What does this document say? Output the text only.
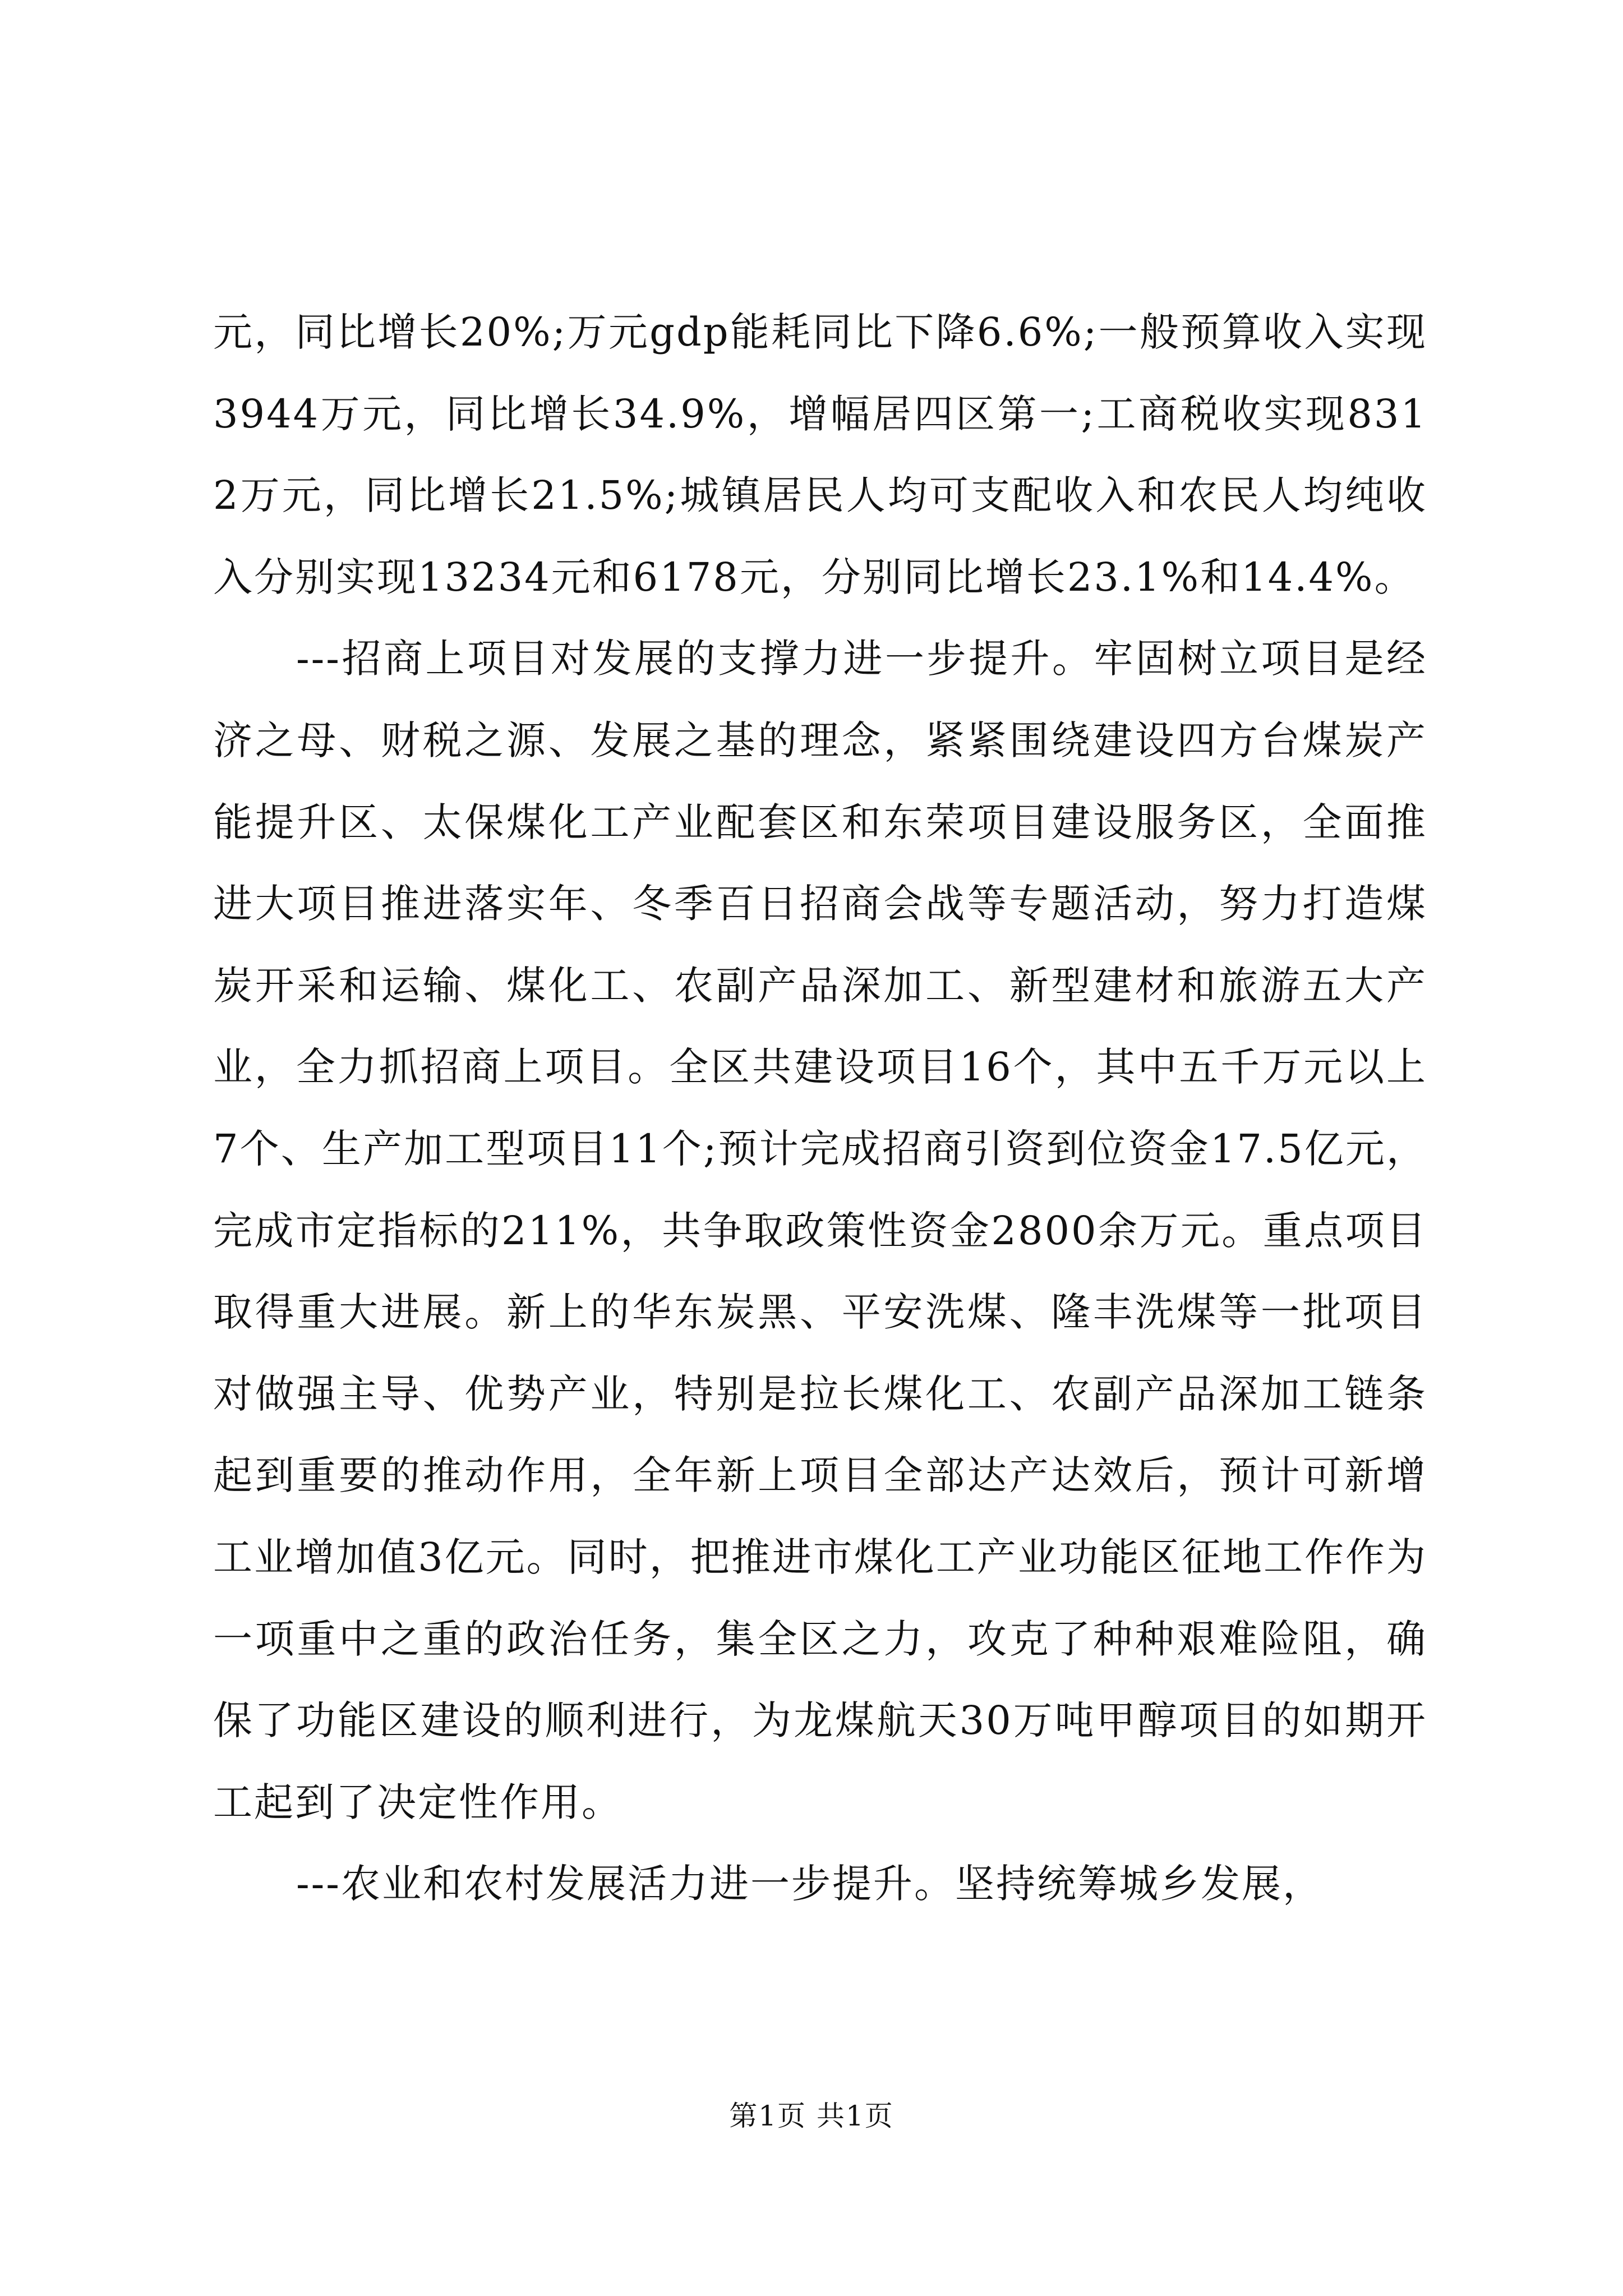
元，同比增长20%;万元gdp能耗同比下降6.6%;一般预算收入实现3944万元，同比增长34.9%，增幅居四区第一;工商税收实现8312万元，同比增长21.5%;城镇居民人均可支配收入和农民人均纯收入分别实现13234元和6178元，分别同比增长23.1%和14.4%。

---招商上项目对发展的支撑力进一步提升。牢固树立项目是经济之母、财税之源、发展之基的理念，紧紧围绕建设四方台煤炭产能提升区、太保煤化工产业配套区和东荣项目建设服务区，全面推进大项目推进落实年、冬季百日招商会战等专题活动，努力打造煤炭开采和运输、煤化工、农副产品深加工、新型建材和旅游五大产业，全力抓招商上项目。全区共建设项目16个，其中五千万元以上7个、生产加工型项目11个;预计完成招商引资到位资金17.5亿元，完成市定指标的211%，共争取政策性资金2800余万元。重点项目取得重大进展。新上的华东炭黑、平安洗煤、隆丰洗煤等一批项目对做强主导、优势产业，特别是拉长煤化工、农副产品深加工链条起到重要的推动作用，全年新上项目全部达产达效后，预计可新增工业增加值3亿元。同时，把推进市煤化工产业功能区征地工作作为一项重中之重的政治任务，集全区之力，攻克了种种艰难险阻，确保了功能区建设的顺利进行，为龙煤航天30万吨甲醇项目的如期开工起到了决定性作用。

---农业和农村发展活力进一步提升。坚持统筹城乡发展，

第1页 共1页
